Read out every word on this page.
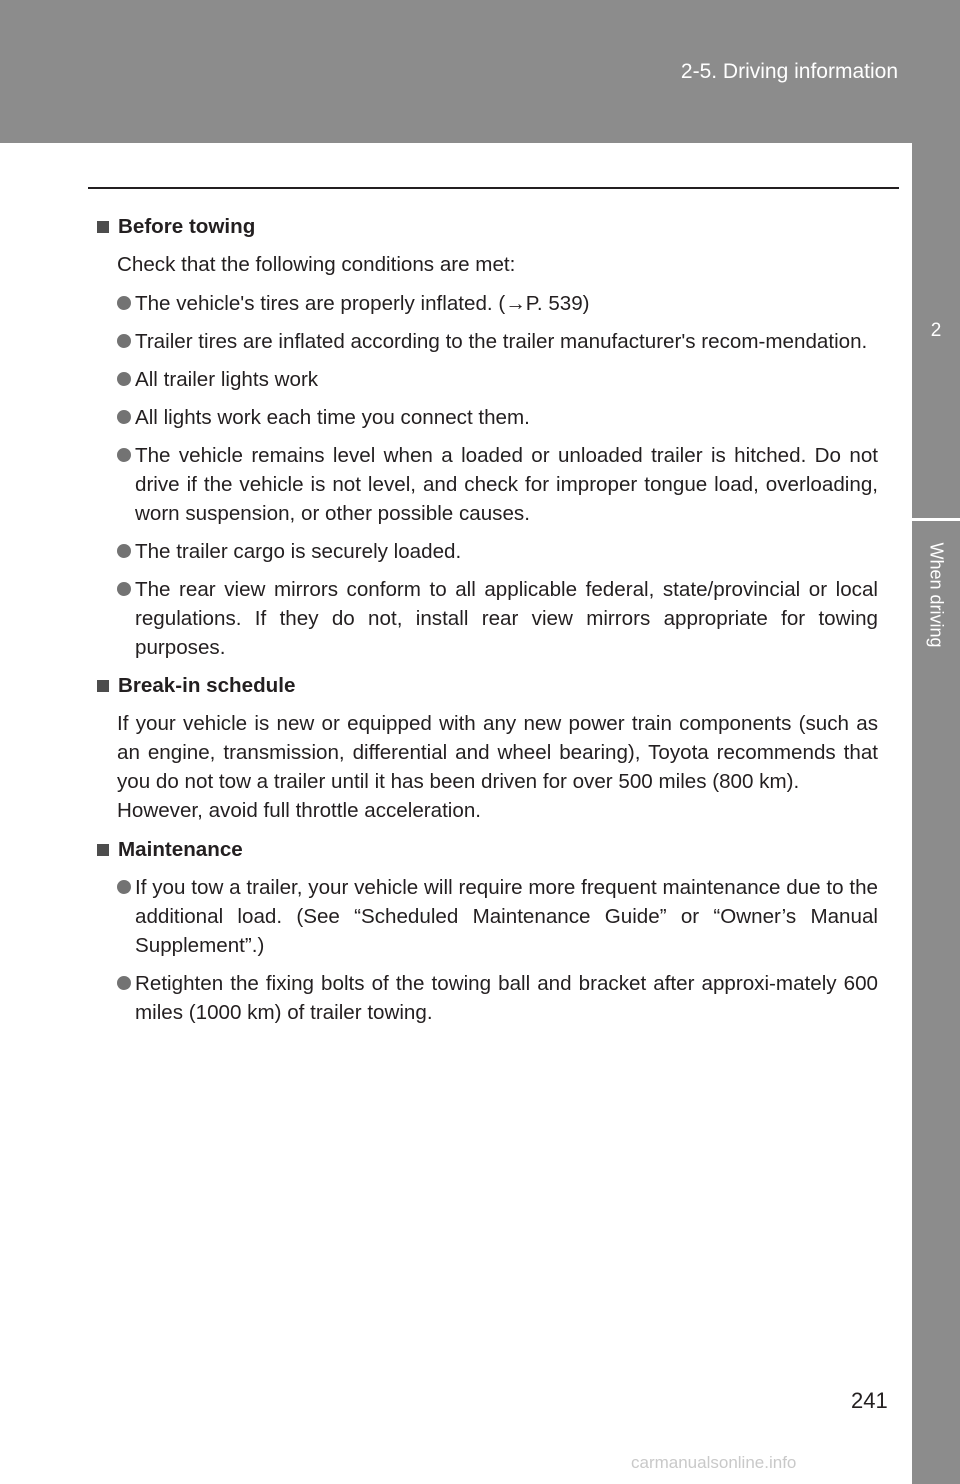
2-5. Driving information
2
When driving
Before towing
Check that the following conditions are met:
The vehicle's tires are properly inflated. (→P. 539)
Trailer tires are inflated according to the trailer manufacturer's recom-mendation.
All trailer lights work
All lights work each time you connect them.
The vehicle remains level when a loaded or unloaded trailer is hitched. Do not drive if the vehicle is not level, and check for improper tongue load, overloading, worn suspension, or other possible causes.
The trailer cargo is securely loaded.
The rear view mirrors conform to all applicable federal, state/provincial or local regulations. If they do not, install rear view mirrors appropriate for towing purposes.
Break-in schedule
If your vehicle is new or equipped with any new power train components (such as an engine, transmission, differential and wheel bearing), Toyota recommends that you do not tow a trailer until it has been driven for over 500 miles (800 km).
However, avoid full throttle acceleration.
Maintenance
If you tow a trailer, your vehicle will require more frequent maintenance due to the additional load. (See “Scheduled Maintenance Guide” or “Owner’s Manual Supplement”.)
Retighten the fixing bolts of the towing ball and bracket after approxi-mately 600 miles (1000 km) of trailer towing.
241
carmanualsonline.info
